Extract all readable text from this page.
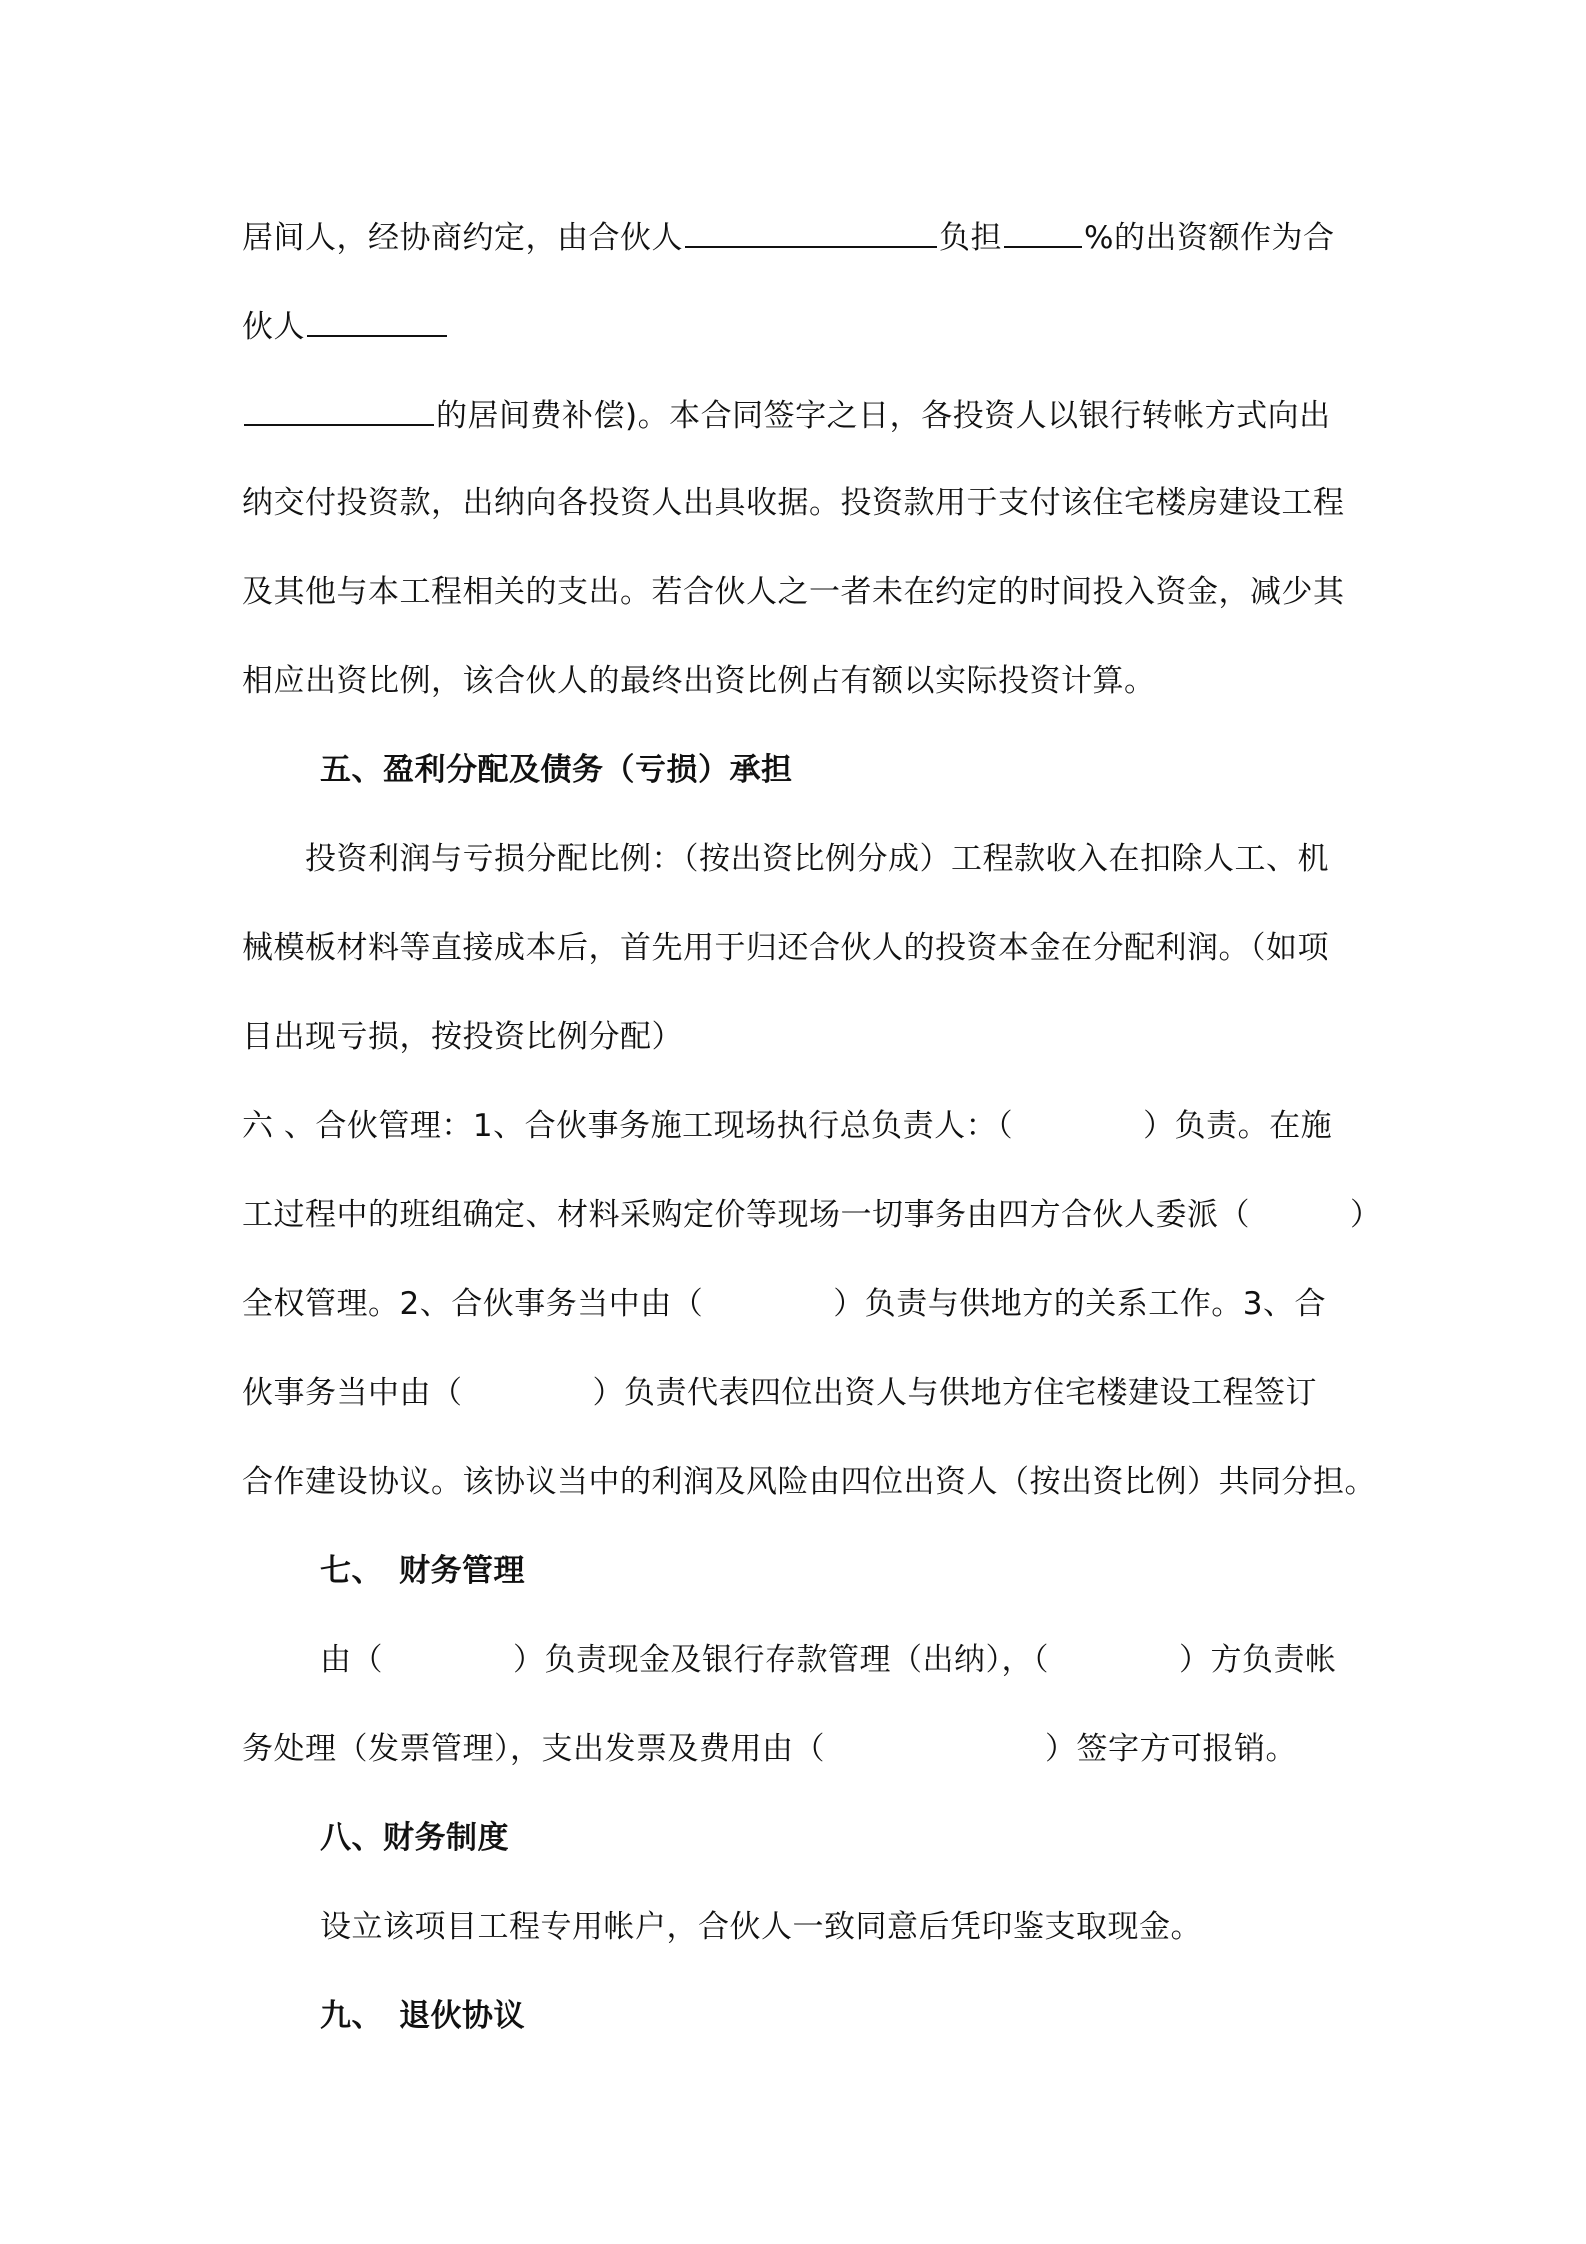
居间人，经协商约定，由合伙人	负担	%的出资额作为合
伙人
的居间费补偿)。本合同签字之日，各投资人以银行转帐方式向出
纳交付投资款，出纳向各投资人出具收据。投资款用于支付该住宅楼房建设工程
及其他与本工程相关的支出。若合伙人之一者未在约定的时间投入资金，减少其
相应出资比例，该合伙人的最终出资比例占有额以实际投资计算。
五、盈利分配及债务（亏损）承担
投资利润与亏损分配比例：（按出资比例分成）工程款收入在扣除人工、机
械模板材料等直接成本后，首先用于归还合伙人的投资本金在分配利润。（如项
目出现亏损，按投资比例分配）
六 、合伙管理：1、合伙事务施工现场执行总负责人：（	）负责。在施
工过程中的班组确定、材料采购定价等现场一切事务由四方合伙人委派（	）
全权管理。2、合伙事务当中由（	）负责与供地方的关系工作。3、合
伙事务当中由（	）负责代表四位出资人与供地方住宅楼建设工程签订
合作建设协议。该协议当中的利润及风险由四位出资人（按出资比例）共同分担。
七、　财务管理
由（	）负责现金及银行存款管理（出纳），（	）方负责帐
务处理（发票管理），支出发票及费用由（	）签字方可报销。
八、财务制度
设立该项目工程专用帐户，合伙人一致同意后凭印鉴支取现金。
九、　退伙协议
